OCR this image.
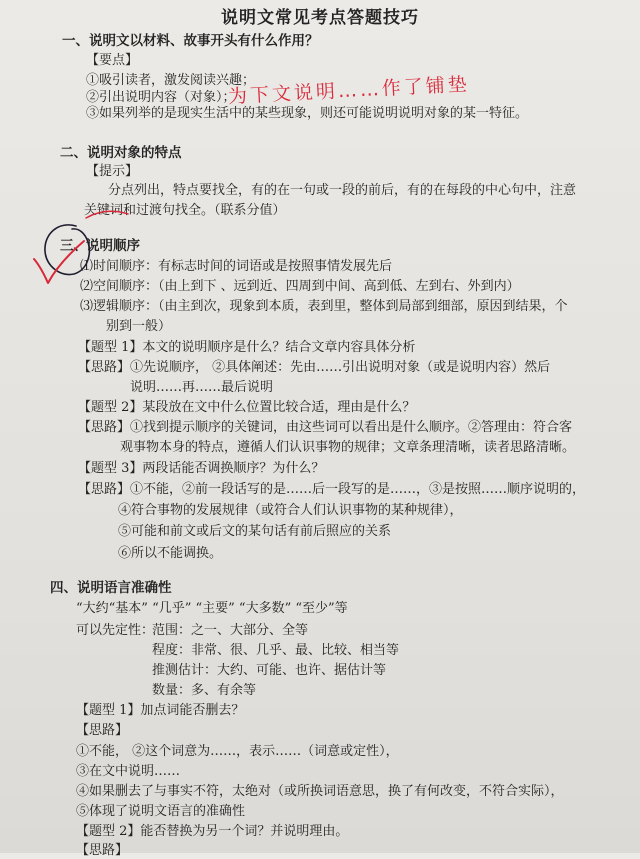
说明文常见考点答题技巧
一、说明文以材料、故事开头有什么作用？
【要点】
①吸引读者，激发阅读兴趣；
②引出说明内容（对象）；
为下文说明……作了铺垫
③如果列举的是现实生活中的某些现象，则还可能说明说明对象的某一特征。
二、说明对象的特点
【提示】
分点列出，特点要找全，有的在一句或一段的前后，有的在每段的中心句中，注意
关键词和过渡句找全。（联系分值）
三、 说明顺序
⑴时间顺序：有标志时间的词语或是按照事情发展先后
⑵空间顺序：（由上到下 、远到近、四周到中间、高到低、左到右、外到内）
⑶逻辑顺序：（由主到次，现象到本质，表到里，整体到局部到细部，原因到结果，个
别到一般）
【题型 1】本文的说明顺序是什么？结合文章内容具体分析
【思路】①先说顺序， ②具体阐述：先由……引出说明对象（或是说明内容）然后
说明……再……最后说明
【题型 2】某段放在文中什么位置比较合适，理由是什么？
【思路】①找到提示顺序的关键词，由这些词可以看出是什么顺序。②答理由：符合客
观事物本身的特点，遵循人们认识事物的规律；文章条理清晰，读者思路清晰。
【题型 3】两段话能否调换顺序？为什么？
【思路】①不能，②前一段话写的是……后一段写的是……，③是按照……顺序说明的，
④符合事物的发展规律（或符合人们认识事物的某种规律），
⑤可能和前文或后文的某句话有前后照应的关系
⑥所以不能调换。
四、说明语言准确性
“大约“基本” “几乎” “主要” “大多数” “至少”等
可以先定性：
范围：之一、大部分、全等
程度：非常、很、几乎、最、比较、相当等
推测估计：大约、可能、也许、据估计等
数量：多、有余等
【题型 1】加点词能否删去？
【思路】
①不能， ②这个词意为……，表示……（词意或定性），
③在文中说明……
④如果删去了与事实不符，太绝对（或所换词语意思，换了有何改变，不符合实际），
⑤体现了说明文语言的准确性
【题型 2】能否替换为另一个词？并说明理由。
【思路】
